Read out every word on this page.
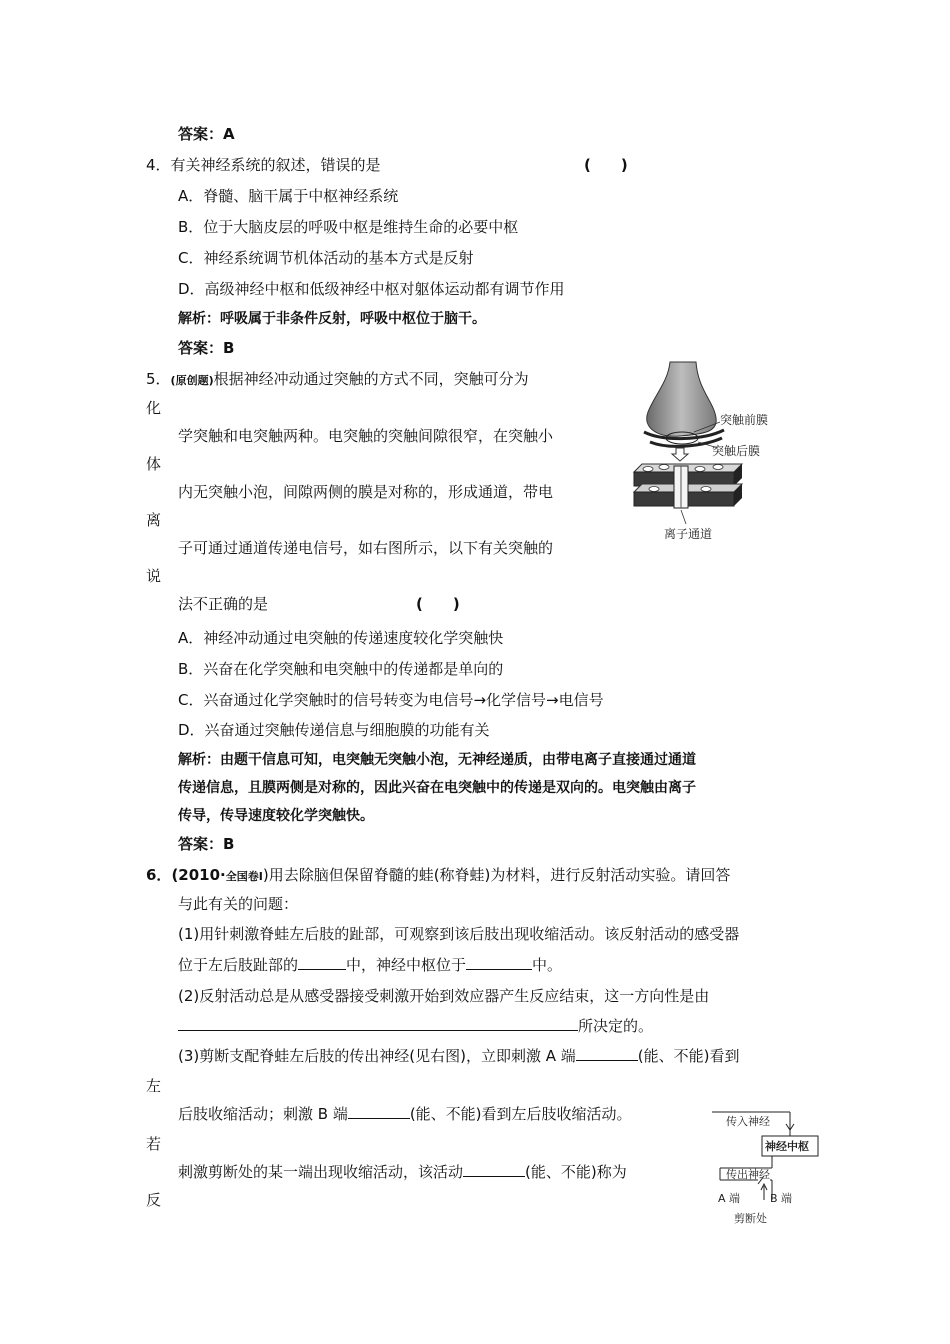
答案：A
4．有关神经系统的叙述，错误的是	(　　)
A．脊髓、脑干属于中枢神经系统
B．位于大脑皮层的呼吸中枢是维持生命的必要中枢
C．神经系统调节机体活动的基本方式是反射
D．高级神经中枢和低级神经中枢对躯体运动都有调节作用
解析：呼吸属于非条件反射，呼吸中枢位于脑干。
答案：B
5．(原创题)根据神经冲动通过突触的方式不同，突触可分为
化
学突触和电突触两种。电突触的突触间隙很窄，在突触小
体
内无突触小泡，间隙两侧的膜是对称的，形成通道，带电
离
子可通过通道传递电信号，如右图所示，以下有关突触的
说
法不正确的是	(　　)
A．神经冲动通过电突触的传递速度较化学突触快
B．兴奋在化学突触和电突触中的传递都是单向的
C．兴奋通过化学突触时的信号转变为电信号→化学信号→电信号
D．兴奋通过突触传递信息与细胞膜的功能有关
解析：由题干信息可知，电突触无突触小泡，无神经递质，由带电离子直接通过通道
传递信息，且膜两侧是对称的，因此兴奋在电突触中的传递是双向的。电突触由离子
传导，传导速度较化学突触快。
答案：B
突触前膜
突触后膜
离子通道
6．(2010·全国卷Ⅰ)用去除脑但保留脊髓的蛙(称脊蛙)为材料，进行反射活动实验。请回答
与此有关的问题：
(1)用针刺激脊蛙左后肢的趾部，可观察到该后肢出现收缩活动。该反射活动的感受器
位于左后肢趾部的	中，神经中枢位于	中。
(2)反射活动总是从感受器接受刺激开始到效应器产生反应结束，这一方向性是由
所决定的。
(3)剪断支配脊蛙左后肢的传出神经(见右图)，立即刺激 A 端	(能、不能)看到
左
后肢收缩活动；刺激 B 端	(能、不能)看到左后肢收缩活动。
若
刺激剪断处的某一端出现收缩活动，该活动	(能、不能)称为
反
传入神经
神经中枢
传出神经
A 端	B 端
剪断处
